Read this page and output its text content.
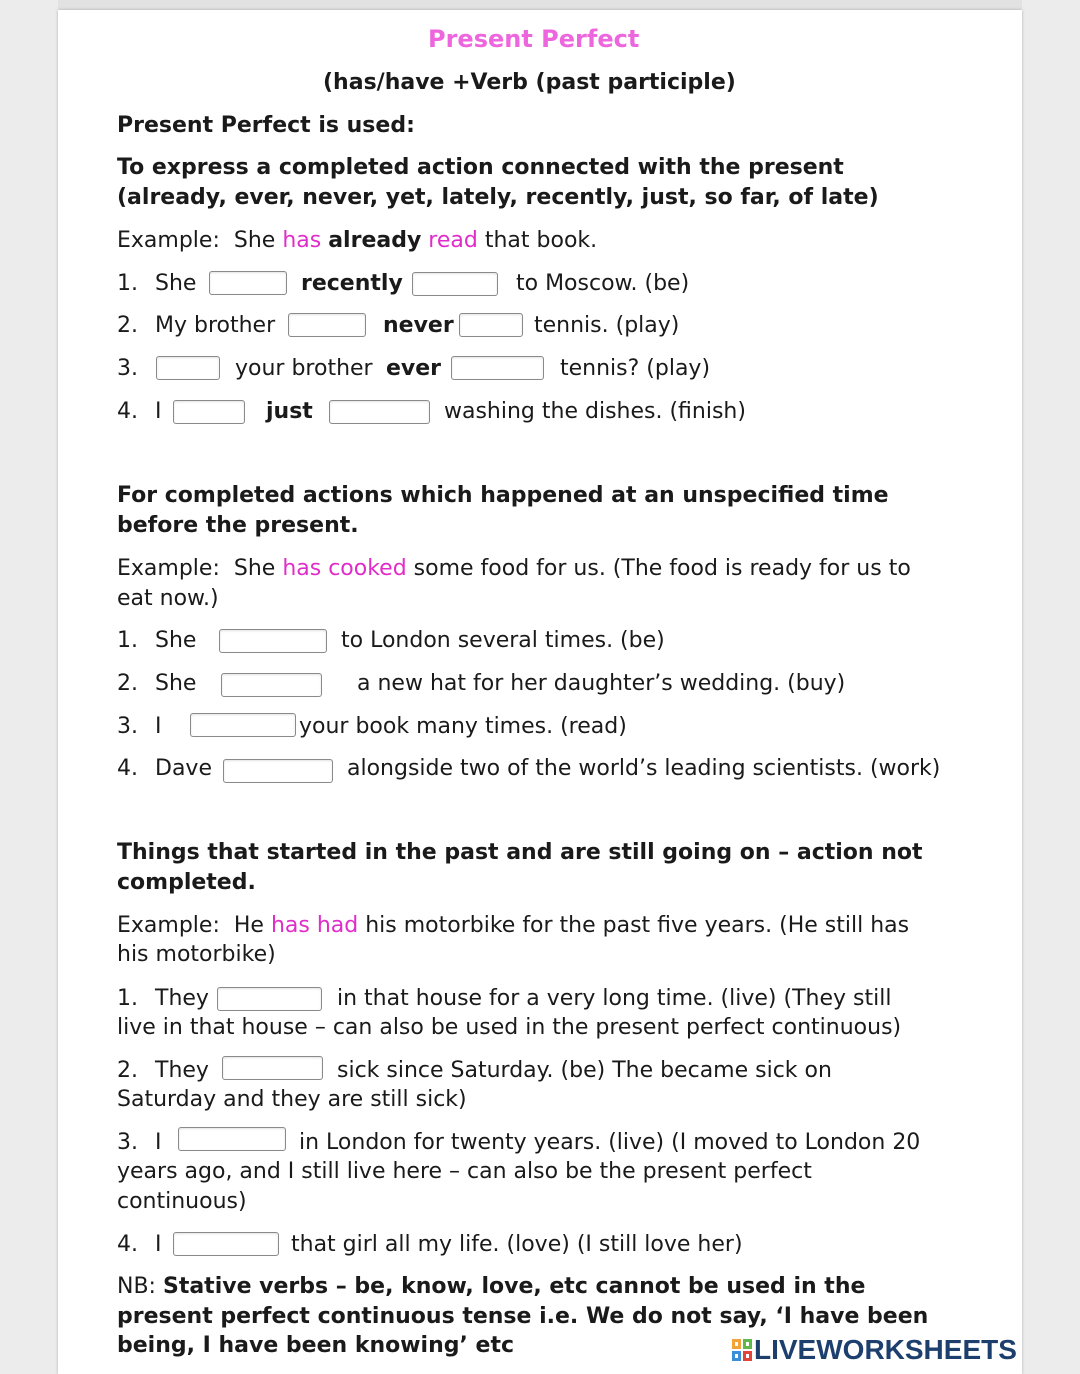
Present Perfect
(has/have +Verb (past participle)
Present Perfect is used:
To express a completed action connected with the present
(already, ever, never, yet, lately, recently, just, so far, of late)
Example: She has already read that book.
1. She	recently	to Moscow. (be)
2. My brother	never	tennis. (play)
3.	your brother ever	tennis? (play)
4. I	just	washing the dishes. (finish)
For completed actions which happened at an unspecified time
before the present.
Example: She has cooked some food for us. (The food is ready for us to
eat now.)
1. She	to London several times. (be)
2. She	a new hat for her daughter’s wedding. (buy)
3. I	your book many times. (read)
4. Dave	alongside two of the world’s leading scientists. (work)
Things that started in the past and are still going on – action not
completed.
Example: He has had his motorbike for the past five years. (He still has
his motorbike)
1. They	in that house for a very long time. (live) (They still
live in that house – can also be used in the present perfect continuous)
2. They	sick since Saturday. (be) The became sick on
Saturday and they are still sick)
3. I	in London for twenty years. (live) (I moved to London 20
years ago, and I still live here – can also be the present perfect
continuous)
4. I	that girl all my life. (love) (I still love her)
NB: Stative verbs – be, know, love, etc cannot be used in the
present perfect continuous tense i.e. We do not say, ‘I have been
being, I have been knowing’ etc	LIVEWORKSHEETS
